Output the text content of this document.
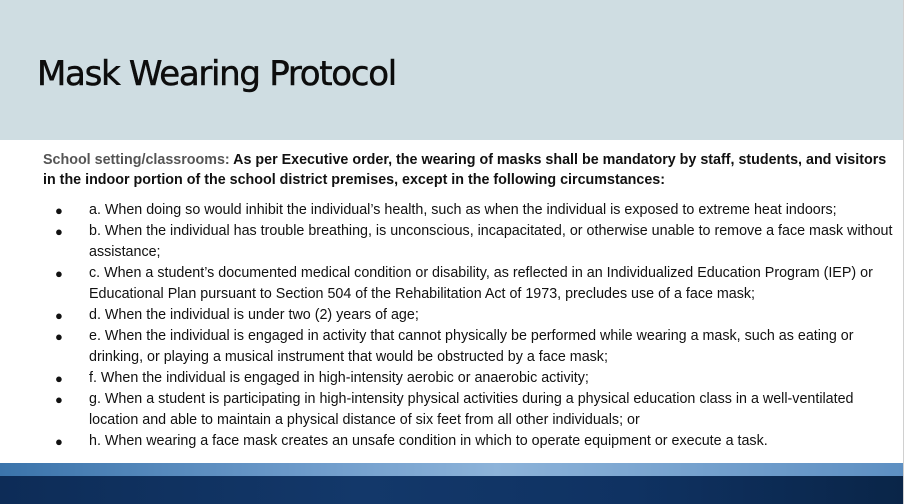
Mask Wearing Protocol

School setting/classrooms: As per Executive order, the wearing of masks shall be mandatory by staff, students, and visitors in the indoor portion of the school district premises, except in the following circumstances:

● a. When doing so would inhibit the individual’s health, such as when the individual is exposed to extreme heat indoors;
● b. When the individual has trouble breathing, is unconscious, incapacitated, or otherwise unable to remove a face mask without assistance;
● c. When a student’s documented medical condition or disability, as reflected in an Individualized Education Program (IEP) or Educational Plan pursuant to Section 504 of the Rehabilitation Act of 1973, precludes use of a face mask;
● d. When the individual is under two (2) years of age;
● e. When the individual is engaged in activity that cannot physically be performed while wearing a mask, such as eating or drinking, or playing a musical instrument that would be obstructed by a face mask;
● f. When the individual is engaged in high-intensity aerobic or anaerobic activity;
● g. When a student is participating in high-intensity physical activities during a physical education class in a well-ventilated location and able to maintain a physical distance of six feet from all other individuals; or
● h. When wearing a face mask creates an unsafe condition in which to operate equipment or execute a task.
